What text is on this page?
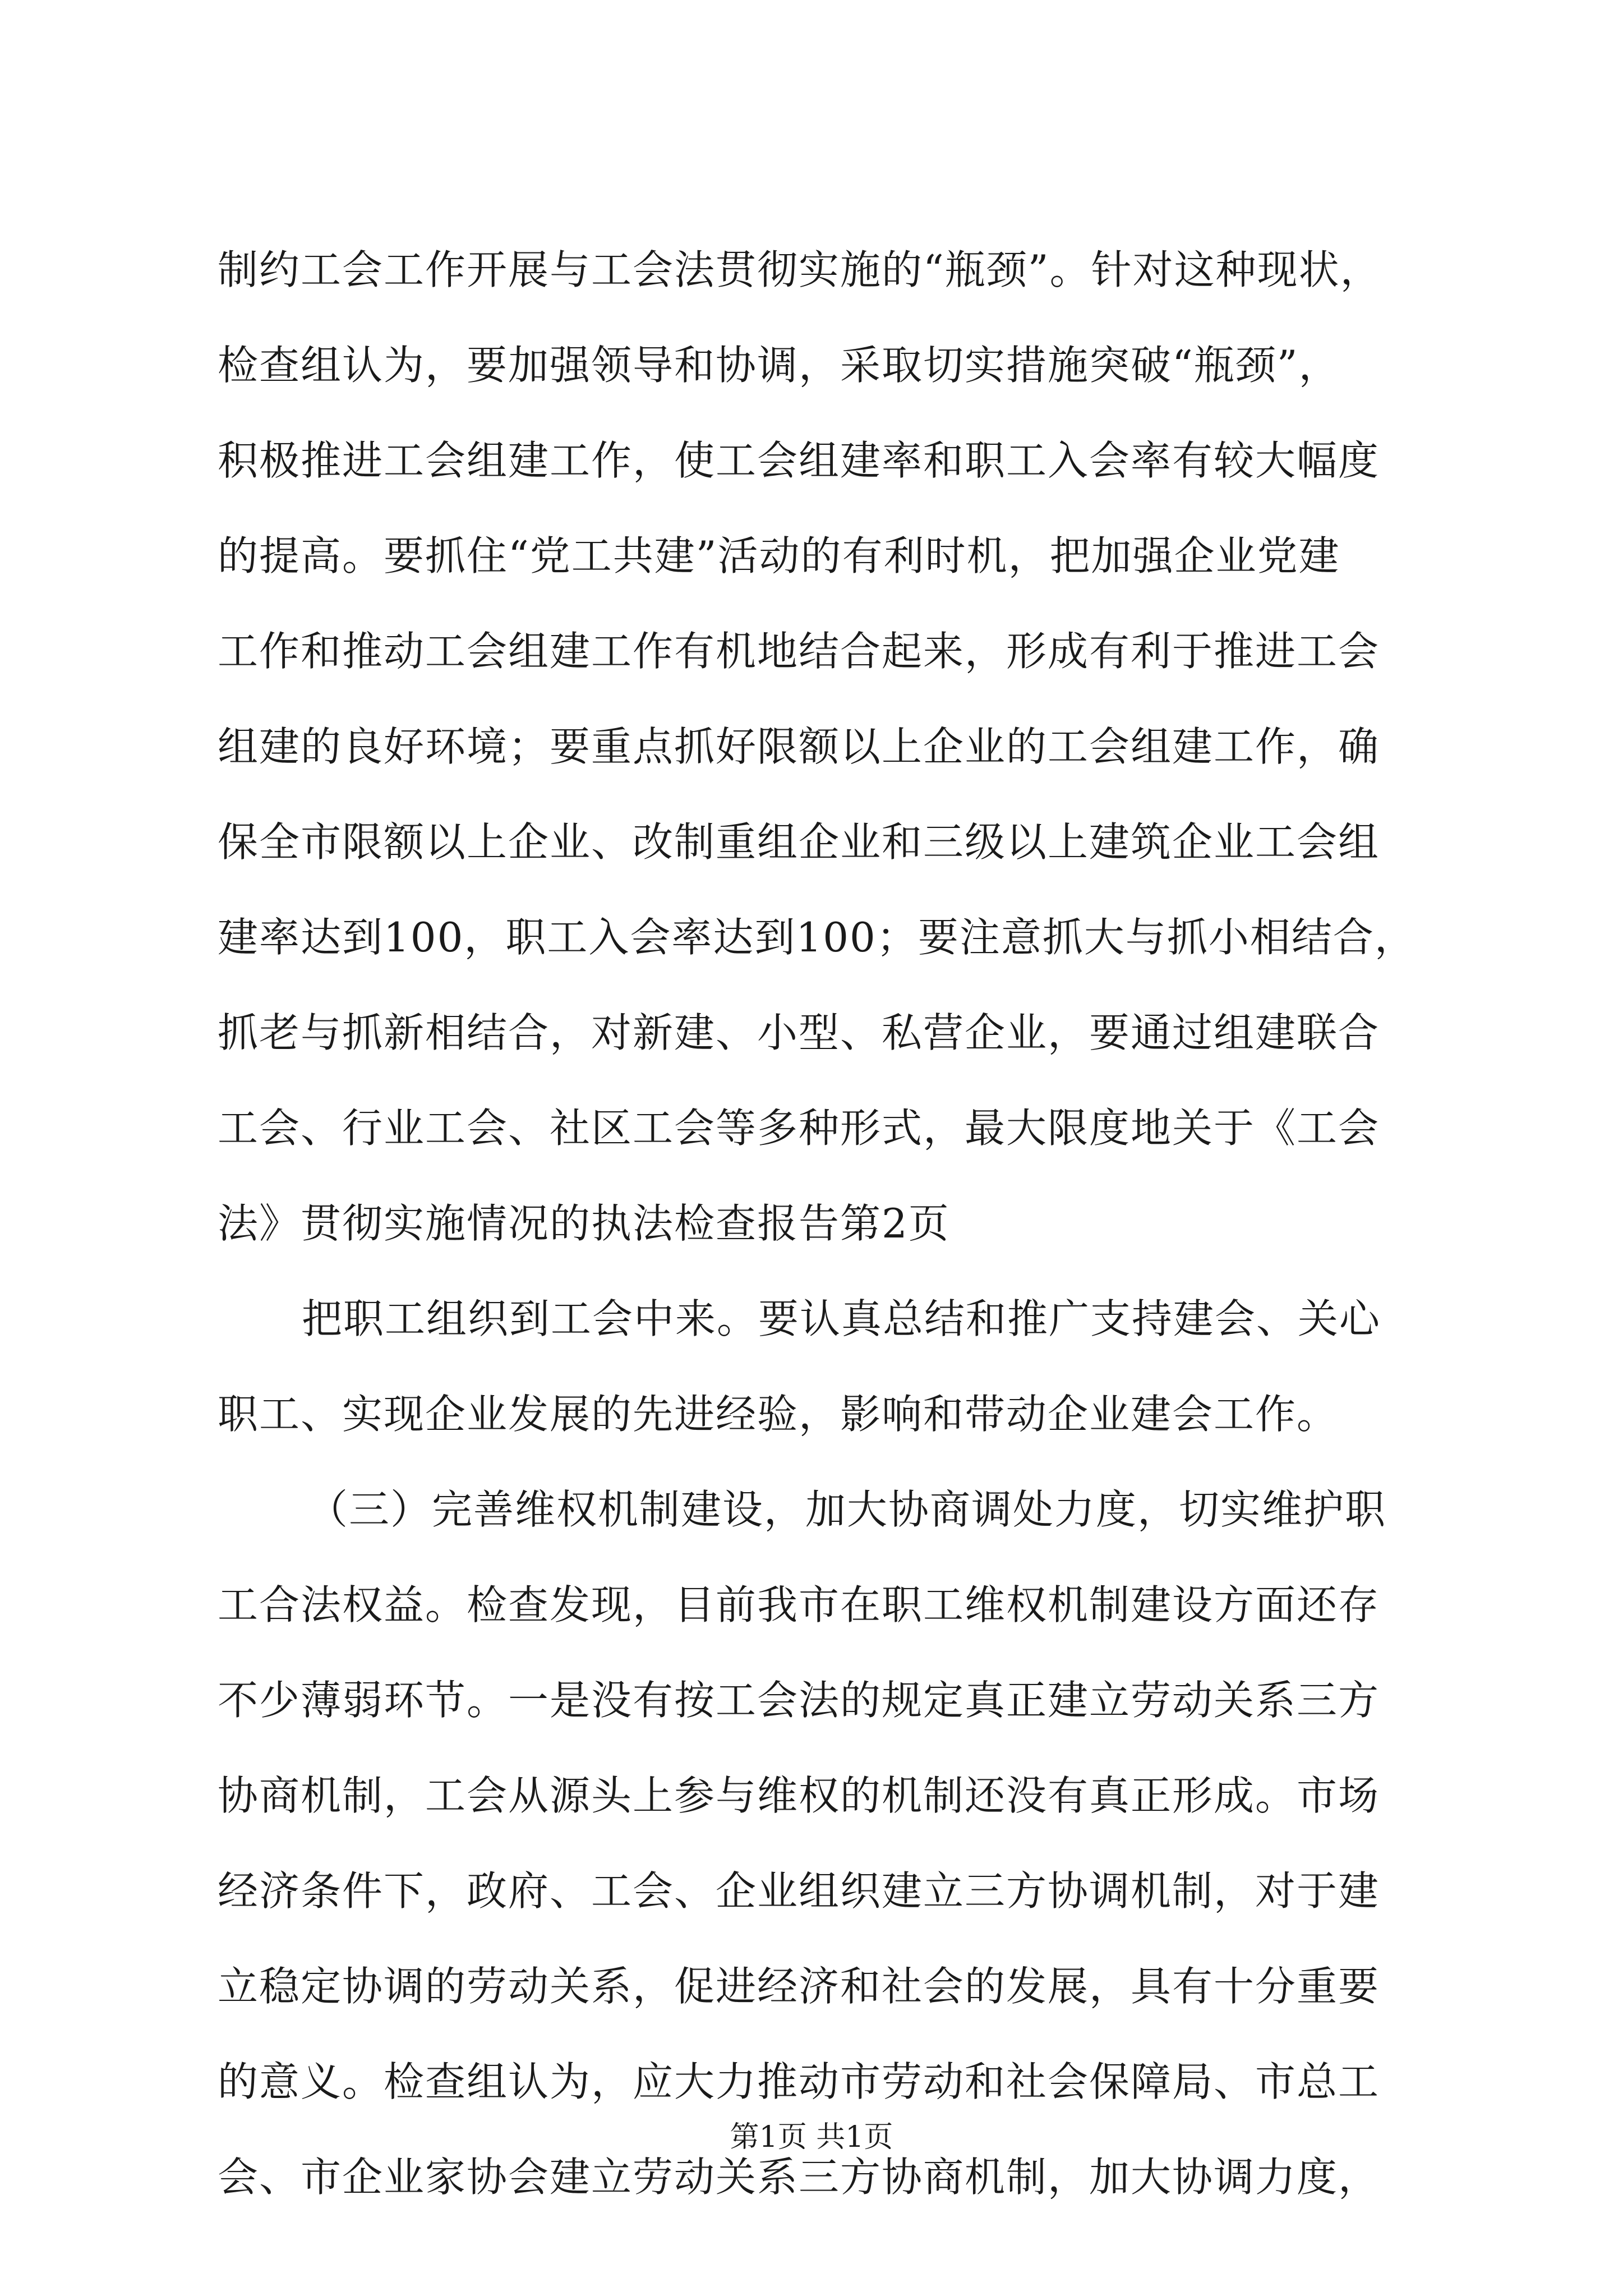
制约工会工作开展与工会法贯彻实施的“瓶颈”。针对这种现状，
检查组认为，要加强领导和协调，采取切实措施突破“瓶颈”，
积极推进工会组建工作，使工会组建率和职工入会率有较大幅度
的提高。要抓住“党工共建”活动的有利时机，把加强企业党建
工作和推动工会组建工作有机地结合起来，形成有利于推进工会
组建的良好环境；要重点抓好限额以上企业的工会组建工作，确
保全市限额以上企业、改制重组企业和三级以上建筑企业工会组
建率达到100，职工入会率达到100；要注意抓大与抓小相结合，
抓老与抓新相结合，对新建、小型、私营企业，要通过组建联合
工会、行业工会、社区工会等多种形式，最大限度地关于《工会
法》贯彻实施情况的执法检查报告第2页
把职工组织到工会中来。要认真总结和推广支持建会、关心
职工、实现企业发展的先进经验，影响和带动企业建会工作。
（三）完善维权机制建设，加大协商调处力度，切实维护职
工合法权益。检查发现，目前我市在职工维权机制建设方面还存
不少薄弱环节。一是没有按工会法的规定真正建立劳动关系三方
协商机制，工会从源头上参与维权的机制还没有真正形成。市场
经济条件下，政府、工会、企业组织建立三方协调机制，对于建
立稳定协调的劳动关系，促进经济和社会的发展，具有十分重要
的意义。检查组认为，应大力推动市劳动和社会保障局、市总工
会、市企业家协会建立劳动关系三方协商机制，加大协调力度，
第1页 共1页
